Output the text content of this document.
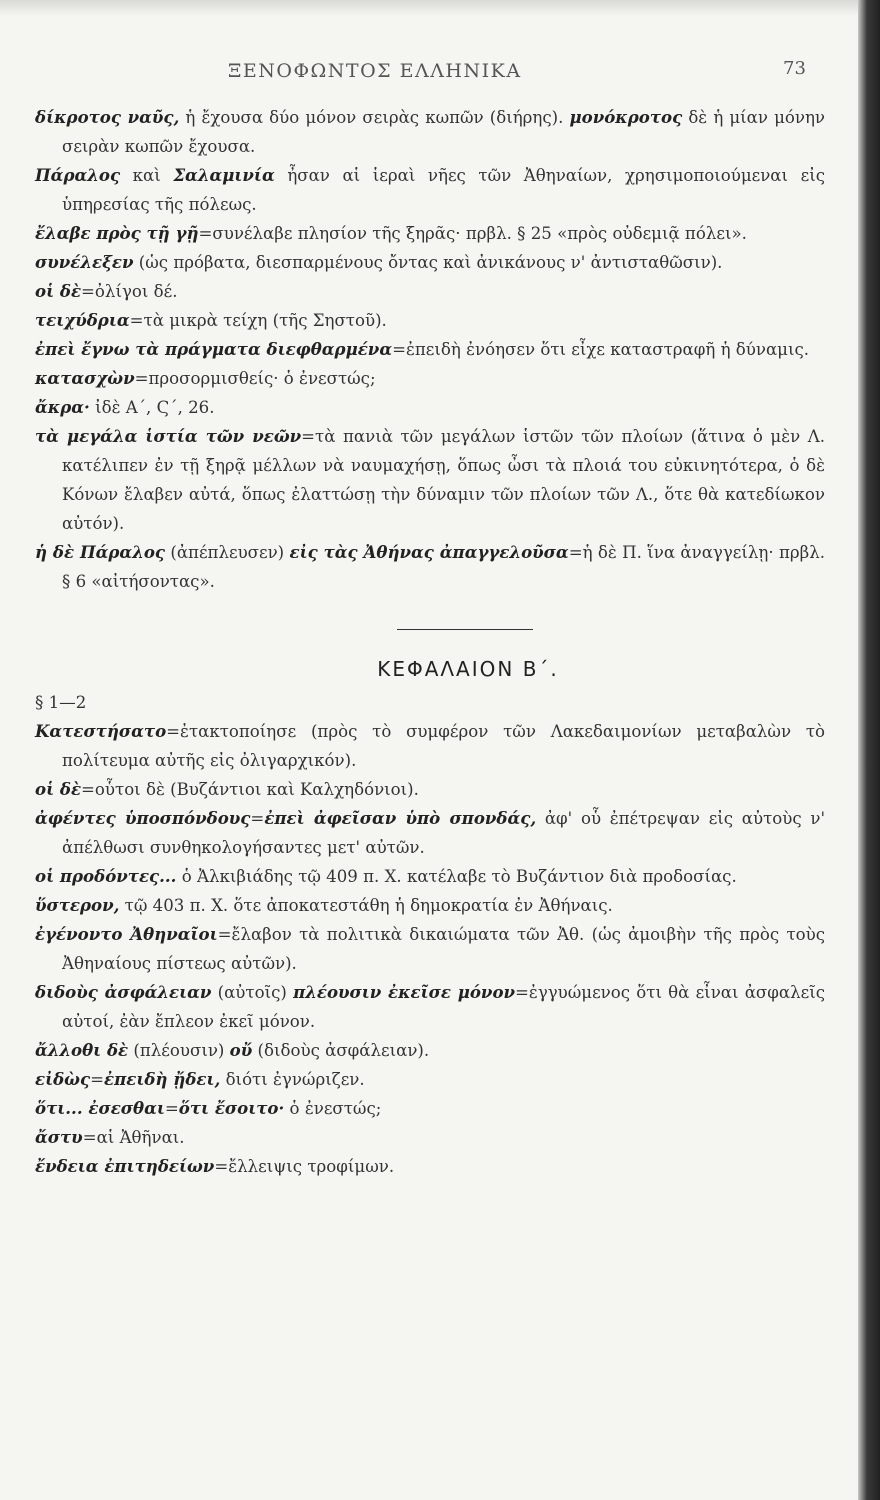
ΞΕΝΟΦΩΝΤΟΣ ΕΛΛΗΝΙΚΑ	73

δίκροτος ναῦς, ἡ ἔχουσα δύο μόνον σειρὰς κωπῶν (διήρης). μονόκροτος δὲ ἡ μίαν μόνην σειρὰν κωπῶν ἔχουσα.

Πάραλος καὶ Σαλαμινία ἦσαν αἱ ἱεραὶ νῆες τῶν Ἀθηναίων, χρησιμοποιούμεναι εἰς ὑπηρεσίας τῆς πόλεως.

ἔλαβε πρὸς τῇ γῇ=συνέλαβε πλησίον τῆς ξηρᾶς· πρβλ. § 25 «πρὸς οὐδεμιᾷ πόλει».

συνέλεξεν (ὡς πρόβατα, διεσπαρμένους ὄντας καὶ ἀνικάνους ν' ἀντισταθῶσιν).

οἱ δὲ=ὀλίγοι δέ.

τειχύδρια=τὰ μικρὰ τείχη (τῆς Σηστοῦ).

ἐπεὶ ἔγνω τὰ πράγματα διεφθαρμένα=ἐπειδὴ ἐνόησεν ὅτι εἶχε καταστραφῆ ἡ δύναμις.

κατασχὼν=προσορμισθείς· ὁ ἐνεστώς;

ἄκρα· ἰδὲ Α΄, Ϛ΄, 26.

τὰ μεγάλα ἱστία τῶν νεῶν=τὰ πανιὰ τῶν μεγάλων ἱστῶν τῶν πλοίων (ἅτινα ὁ μὲν Λ. κατέλιπεν ἐν τῇ ξηρᾷ μέλλων νὰ ναυμαχήσῃ, ὅπως ὦσι τὰ πλοιά του εὐκινητότερα, ὁ δὲ Κόνων ἔλαβεν αὐτά, ὅπως ἐλαττώσῃ τὴν δύναμιν τῶν πλοίων τῶν Λ., ὅτε θὰ κατεδίωκον αὐτόν).

ἡ δὲ Πάραλος (ἀπέπλευσεν) εἰς τὰς Ἀθήνας ἀπαγγελοῦσα=ἡ δὲ Π. ἵνα ἀναγγείλῃ· πρβλ. § 6 «αἰτήσοντας».

ΚΕΦΑΛΑΙΟΝ Β΄.

§ 1—2

Κατεστήσατο=ἐτακτοποίησε (πρὸς τὸ συμφέρον τῶν Λακεδαιμονίων μεταβαλὼν τὸ πολίτευμα αὐτῆς εἰς ὀλιγαρχικόν).

οἱ δὲ=οὗτοι δὲ (Βυζάντιοι καὶ Καλχηδόνιοι).

ἀφέντες ὑποσπόνδους=ἐπεὶ ἀφεῖσαν ὑπὸ σπονδάς, ἀφ' οὗ ἐπέτρεψαν εἰς αὐτοὺς ν' ἀπέλθωσι συνθηκολογήσαντες μετ' αὐτῶν.

οἱ προδόντες... ὁ Ἀλκιβιάδης τῷ 409 π. Χ. κατέλαβε τὸ Βυζάντιον διὰ προδοσίας.

ὕστερον, τῷ 403 π. Χ. ὅτε ἀποκατεστάθη ἡ δημοκρατία ἐν Ἀθήναις.

ἐγένοντο Ἀθηναῖοι=ἔλαβον τὰ πολιτικὰ δικαιώματα τῶν Ἀθ. (ὡς ἀμοιβὴν τῆς πρὸς τοὺς Ἀθηναίους πίστεως αὐτῶν).

διδοὺς ἀσφάλειαν (αὐτοῖς) πλέουσιν ἐκεῖσε μόνον=ἐγγυώμενος ὅτι θὰ εἶναι ἀσφαλεῖς αὐτοί, ἐὰν ἔπλεον ἐκεῖ μόνον.

ἄλλοθι δὲ (πλέουσιν) οὔ (διδοὺς ἀσφάλειαν).

εἰδὼς=ἐπειδὴ ᾔδει, διότι ἐγνώριζεν.

ὅτι... ἐσεσθαι=ὅτι ἔσοιτο· ὁ ἐνεστώς;

ἄστυ=αἱ Ἀθῆναι.

ἔνδεια ἐπιτηδείων=ἔλλειψις τροφίμων.
